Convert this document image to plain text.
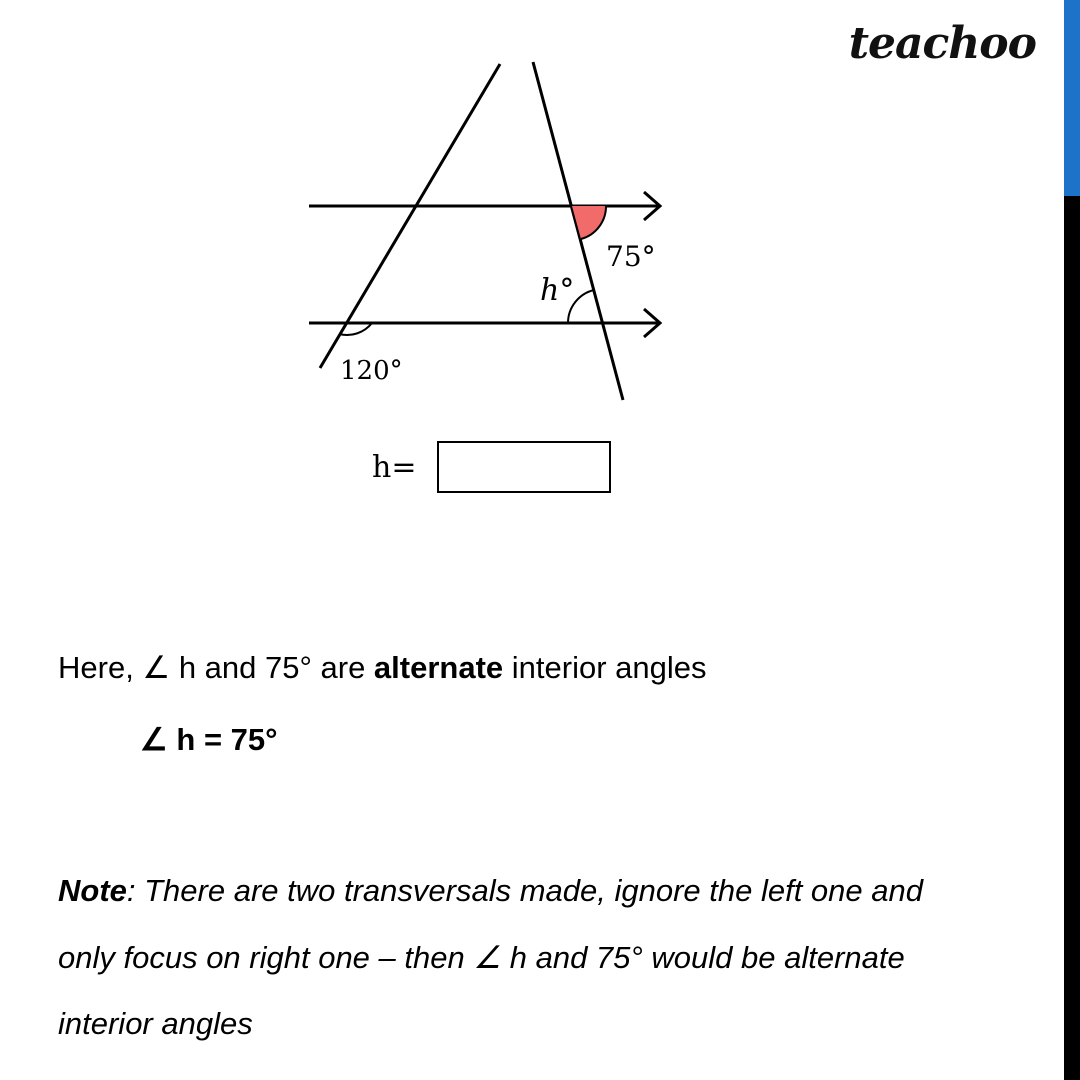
teachoo
75°
h°
120°
h=
Here, ∠ h and 75° are alternate interior angles
∠ h = 75°
Note: There are two transversals made, ignore the left one and
only focus on right one – then ∠ h and 75° would be alternate
interior angles
